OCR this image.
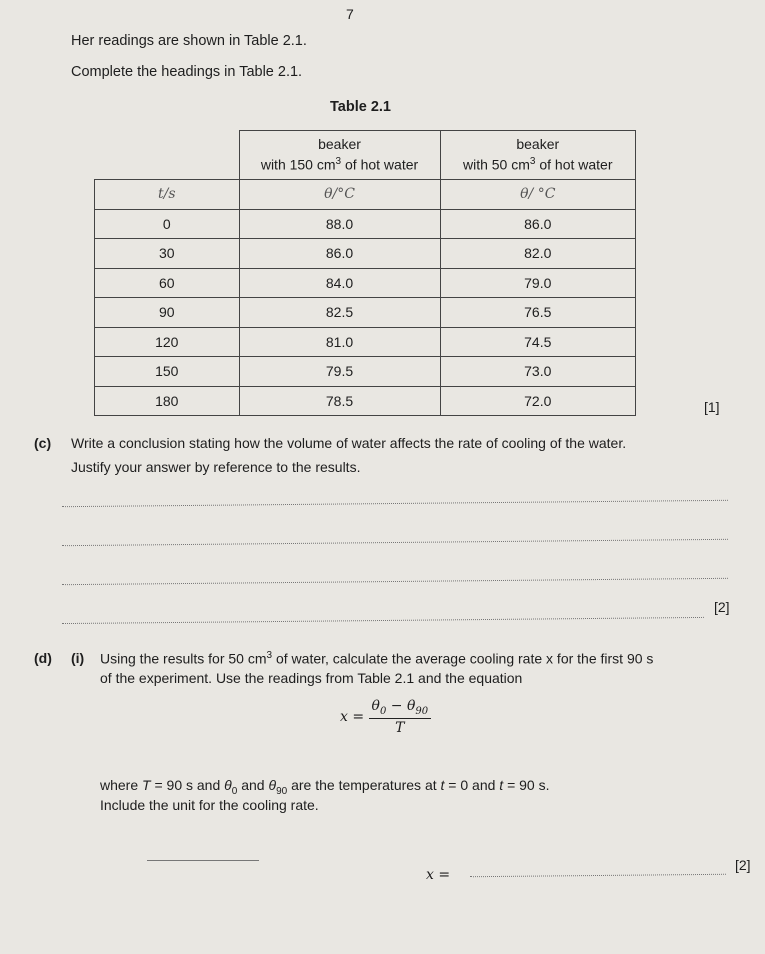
7
Her readings are shown in Table 2.1.
Complete the headings in Table 2.1.
Table 2.1
	beaker
with 150 $cm^3$ of hot water	beaker
with 50 $cm^3$ of hot water
t/s	θ/°C	θ/ °C
0	88.0	86.0
30	86.0	82.0
60	84.0	79.0
90	82.5	76.5
120	81.0	74.5
150	79.5	73.0
180	78.5	72.0	[1]
(c) Write a conclusion stating how the volume of water affects the rate of cooling of the water.
Justify your answer by reference to the results.
[2]
(d) (i) Using the results for 50 $cm^3$ of water, calculate the average cooling rate x for the first 90 s
of the experiment. Use the readings from Table 2.1 and the equation
$x = \frac{\theta_0 - \theta_{90}}{T}$
where T = 90 s and $\theta_0$ and $\theta_{90}$ are the temperatures at t = 0 and t = 90 s.
Include the unit for the cooling rate.
x =
[2]
